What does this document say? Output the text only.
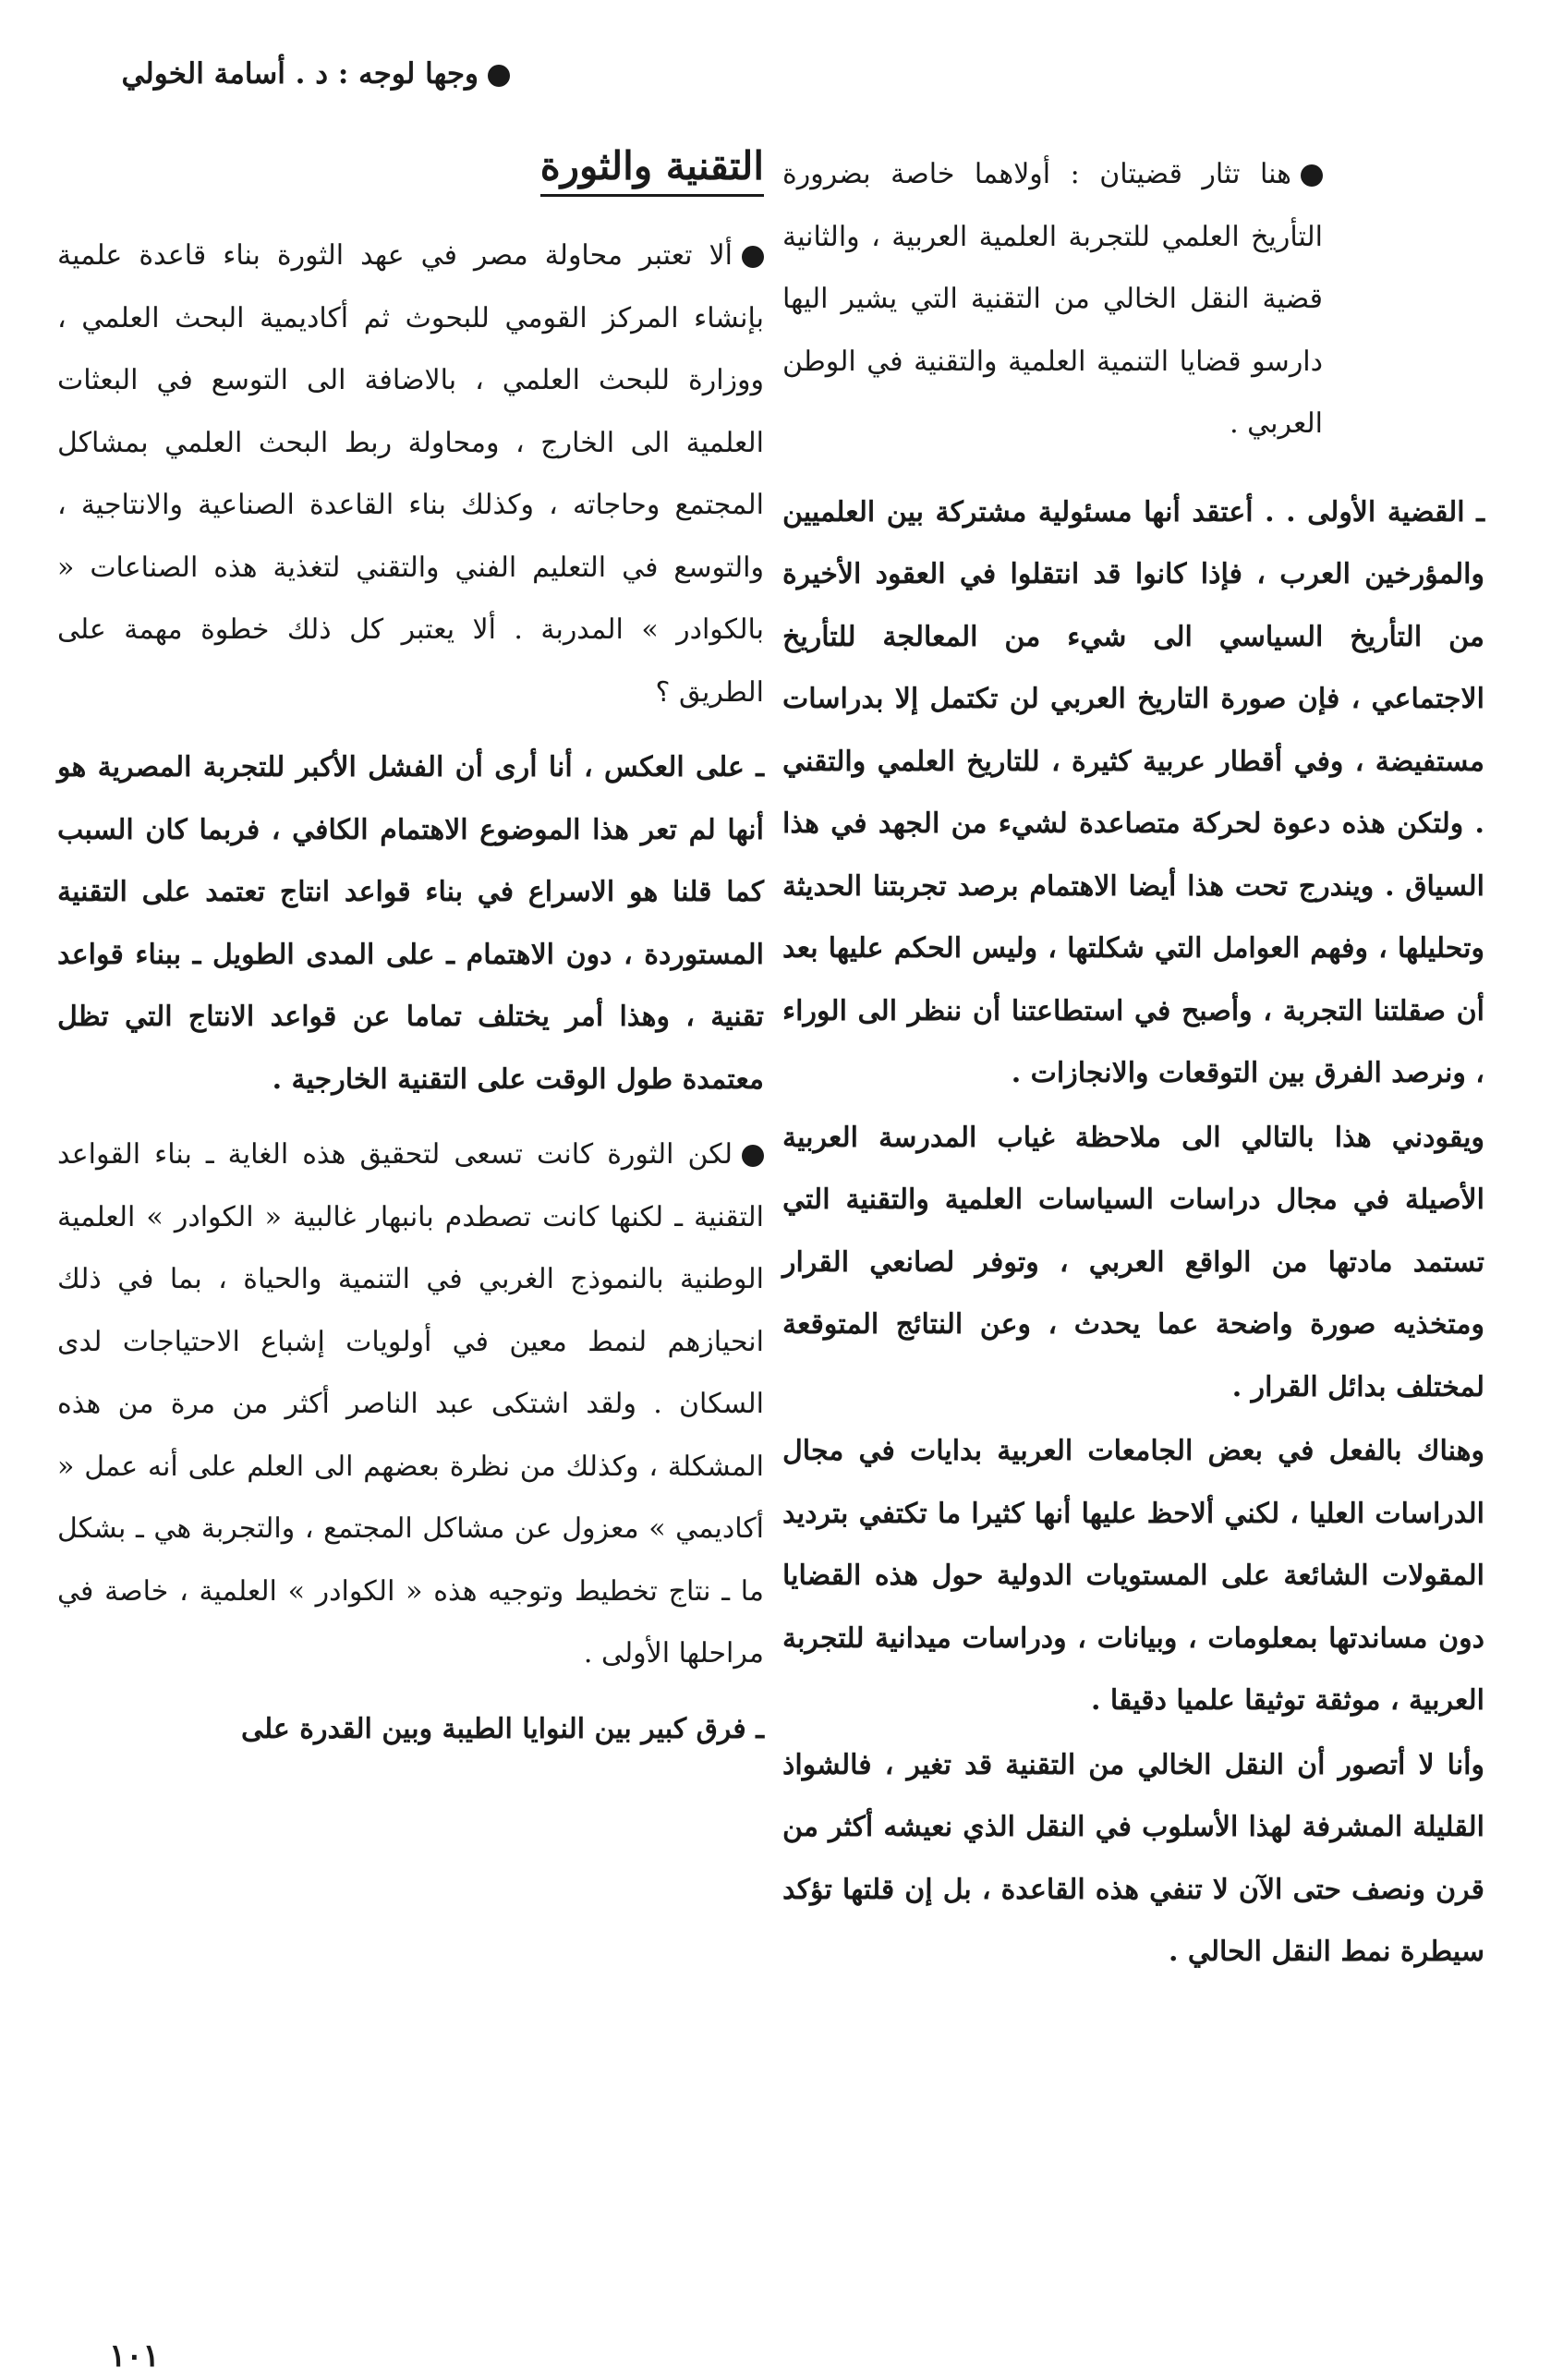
وجها لوجه : د . أسامة الخولي

هنا تثار قضيتان : أولاهما خاصة بضرورة التأريخ العلمي للتجربة العلمية العربية ، والثانية قضية النقل الخالي من التقنية التي يشير اليها دارسو قضايا التنمية العلمية والتقنية في الوطن العربي .

ـ القضية الأولى . . أعتقد أنها مسئولية مشتركة بين العلميين والمؤرخين العرب ، فإذا كانوا قد انتقلوا في العقود الأخيرة من التأريخ السياسي الى شيء من المعالجة للتأريخ الاجتماعي ، فإن صورة التاريخ العربي لن تكتمل إلا بدراسات مستفيضة ، وفي أقطار عربية كثيرة ، للتاريخ العلمي والتقني . ولتكن هذه دعوة لحركة متصاعدة لشيء من الجهد في هذا السياق . ويندرج تحت هذا أيضا الاهتمام برصد تجربتنا الحديثة وتحليلها ، وفهم العوامل التي شكلتها ، وليس الحكم عليها بعد أن صقلتنا التجربة ، وأصبح في استطاعتنا أن ننظر الى الوراء ، ونرصد الفرق بين التوقعات والانجازات .

ويقودني هذا بالتالي الى ملاحظة غياب المدرسة العربية الأصيلة في مجال دراسات السياسات العلمية والتقنية التي تستمد مادتها من الواقع العربي ، وتوفر لصانعي القرار ومتخذيه صورة واضحة عما يحدث ، وعن النتائج المتوقعة لمختلف بدائل القرار .

وهناك بالفعل في بعض الجامعات العربية بدايات في مجال الدراسات العليا ، لكني ألاحظ عليها أنها كثيرا ما تكتفي بترديد المقولات الشائعة على المستويات الدولية حول هذه القضايا دون مساندتها بمعلومات ، وبيانات ، ودراسات ميدانية للتجربة العربية ، موثقة توثيقا علميا دقيقا .

وأنا لا أتصور أن النقل الخالي من التقنية قد تغير ، فالشواذ القليلة المشرفة لهذا الأسلوب في النقل الذي نعيشه أكثر من قرن ونصف حتى الآن لا تنفي هذه القاعدة ، بل إن قلتها تؤكد سيطرة نمط النقل الحالي .

التقنية والثورة

ألا تعتبر محاولة مصر في عهد الثورة بناء قاعدة علمية بإنشاء المركز القومي للبحوث ثم أكاديمية البحث العلمي ، ووزارة للبحث العلمي ، بالاضافة الى التوسع في البعثات العلمية الى الخارج ، ومحاولة ربط البحث العلمي بمشاكل المجتمع وحاجاته ، وكذلك بناء القاعدة الصناعية والانتاجية ، والتوسع في التعليم الفني والتقني لتغذية هذه الصناعات « بالكوادر » المدربة . ألا يعتبر كل ذلك خطوة مهمة على الطريق ؟

ـ على العكس ، أنا أرى أن الفشل الأكبر للتجربة المصرية هو أنها لم تعر هذا الموضوع الاهتمام الكافي ، فربما كان السبب كما قلنا هو الاسراع في بناء قواعد انتاج تعتمد على التقنية المستوردة ، دون الاهتمام ـ على المدى الطويل ـ ببناء قواعد تقنية ، وهذا أمر يختلف تماما عن قواعد الانتاج التي تظل معتمدة طول الوقت على التقنية الخارجية .

لكن الثورة كانت تسعى لتحقيق هذه الغاية ـ بناء القواعد التقنية ـ لكنها كانت تصطدم بانبهار غالبية « الكوادر » العلمية الوطنية بالنموذج الغربي في التنمية والحياة ، بما في ذلك انحيازهم لنمط معين في أولويات إشباع الاحتياجات لدى السكان . ولقد اشتكى عبد الناصر أكثر من مرة من هذه المشكلة ، وكذلك من نظرة بعضهم الى العلم على أنه عمل « أكاديمي » معزول عن مشاكل المجتمع ، والتجربة هي ـ بشكل ما ـ نتاج تخطيط وتوجيه هذه « الكوادر » العلمية ، خاصة في مراحلها الأولى .

ـ فرق كبير بين النوايا الطيبة وبين القدرة على

١٠١
